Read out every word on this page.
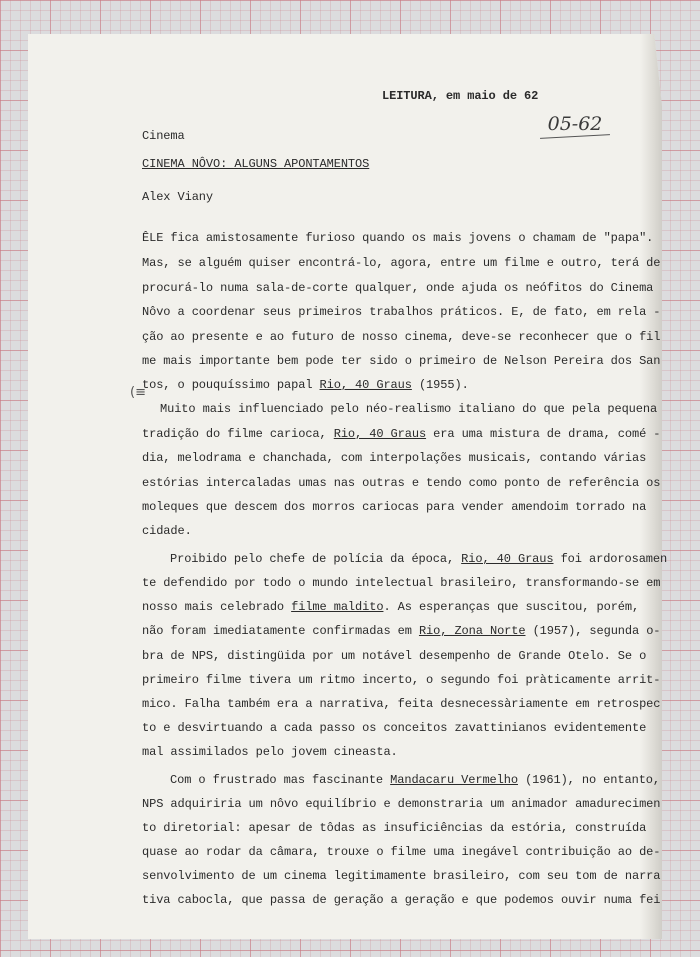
LEITURA, em maio de 62
05-62
Cinema
CINEMA NÔVO: ALGUNS APONTAMENTOS
Alex Viany
(≡
ÊLE fica amistosamente furioso quando os mais jovens o chamam de "papa".
Mas, se alguém quiser encontrá-lo, agora, entre um filme e outro, terá de
procurá-lo numa sala-de-corte qualquer, onde ajuda os neófitos do Cinema
Nôvo a coordenar seus primeiros trabalhos práticos. E, de fato, em rela -
ção ao presente e ao futuro de nosso cinema, deve-se reconhecer que o fil
me mais importante bem pode ter sido o primeiro de Nelson Pereira dos San
tos, o pouquíssimo papal Rio, 40 Graus (1955).
Muito mais influenciado pelo néo-realismo italiano do que pela pequena
tradição do filme carioca, Rio, 40 Graus era uma mistura de drama, comé -
dia, melodrama e chanchada, com interpolações musicais, contando várias
estórias intercaladas umas nas outras e tendo como ponto de referência os
moleques que descem dos morros cariocas para vender amendoim torrado na
cidade.
Proibido pelo chefe de polícia da época, Rio, 40 Graus foi ardorosamen
te defendido por todo o mundo intelectual brasileiro, transformando-se em
nosso mais celebrado filme maldito. As esperanças que suscitou, porém,
não foram imediatamente confirmadas em Rio, Zona Norte (1957), segunda o-
bra de NPS, distingüida por um notável desempenho de Grande Otelo. Se o
primeiro filme tivera um ritmo incerto, o segundo foi pràticamente arrit-
mico. Falha também era a narrativa, feita desnecessàriamente em retrospec
to e desvirtuando a cada passo os conceitos zavattinianos evidentemente
mal assimilados pelo jovem cineasta.
Com o frustrado mas fascinante Mandacaru Vermelho (1961), no entanto,
NPS adquiriria um nôvo equilíbrio e demonstraria um animador amadurecimen
to diretorial: apesar de tôdas as insuficiências da estória, construída
quase ao rodar da câmara, trouxe o filme uma inegável contribuição ao de-
senvolvimento de um cinema legitimamente brasileiro, com seu tom de narra
tiva cabocla, que passa de geração a geração e que podemos ouvir numa fei
